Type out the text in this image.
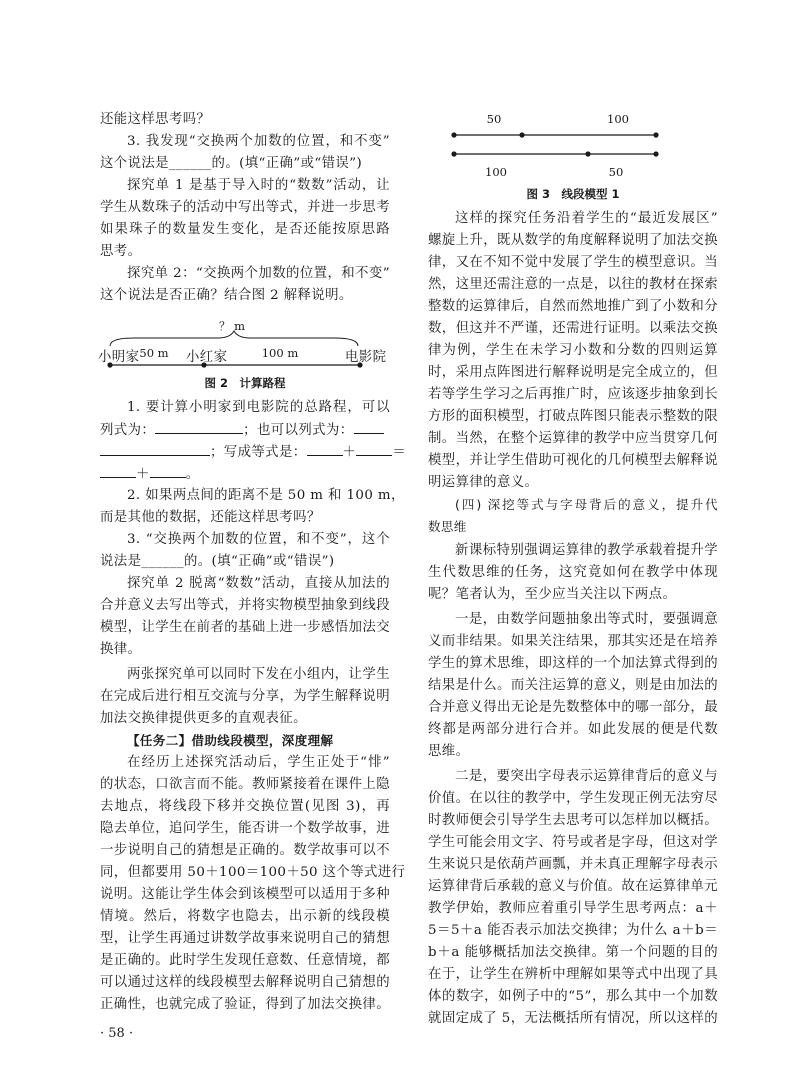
还能这样思考吗？
3. 我发现“交换两个加数的位置，和不变”
这个说法是______的。(填“正确”或“错误”)
探究单 1 是基于导入时的“数数”活动，让
学生从数珠子的活动中写出等式，并进一步思考
如果珠子的数量发生变化，是否还能按原思路
思考。
探究单 2：“交换两个加数的位置，和不变”
这个说法是否正确？结合图 2 解释说明。
？ m
50 m	100 m
小明家	小红家	电影院
图 2　计算路程
1. 要计算小明家到电影院的总路程，可以
列式为：	；也可以列式为：
；写成等式是：	＋	＝
＋	。
2. 如果两点间的距离不是 50 m 和 100 m，
而是其他的数据，还能这样思考吗？
3. “交换两个加数的位置，和不变”，这个
说法是______的。(填“正确”或“错误”)
探究单 2 脱离“数数”活动，直接从加法的
合并意义去写出等式，并将实物模型抽象到线段
模型，让学生在前者的基础上进一步感悟加法交
换律。
两张探究单可以同时下发在小组内，让学生
在完成后进行相互交流与分享，为学生解释说明
加法交换律提供更多的直观表征。
【任务二】借助线段模型，深度理解
在经历上述探究活动后，学生正处于“悱”
的状态，口欲言而不能。教师紧接着在课件上隐
去地点，将线段下移并交换位置(见图 3)，再
隐去单位，追问学生，能否讲一个数学故事，进
一步说明自己的猜想是正确的。数学故事可以不
同，但都要用 50＋100＝100＋50 这个等式进行
说明。这能让学生体会到该模型可以适用于多种
情境。然后，将数字也隐去，出示新的线段模
型，让学生再通过讲数学故事来说明自己的猜想
是正确的。此时学生发现任意数、任意情境，都
可以通过这样的线段模型去解释说明自己猜想的
正确性，也就完成了验证，得到了加法交换律。
· 58 ·
50	100
100	50
图 3　线段模型 1
这样的探究任务沿着学生的“最近发展区”
螺旋上升，既从数学的角度解释说明了加法交换
律，又在不知不觉中发展了学生的模型意识。当
然，这里还需注意的一点是，以往的教材在探索
整数的运算律后，自然而然地推广到了小数和分
数，但这并不严谨，还需进行证明。以乘法交换
律为例，学生在未学习小数和分数的四则运算
时，采用点阵图进行解释说明是完全成立的，但
若等学生学习之后再推广时，应该逐步抽象到长
方形的面积模型，打破点阵图只能表示整数的限
制。当然，在整个运算律的教学中应当贯穿几何
模型，并让学生借助可视化的几何模型去解释说
明运算律的意义。
(四) 深挖等式与字母背后的意义，提升代
数思维
新课标特别强调运算律的教学承载着提升学
生代数思维的任务，这究竟如何在教学中体现
呢？笔者认为，至少应当关注以下两点。
一是，由数学问题抽象出等式时，要强调意
义而非结果。如果关注结果，那其实还是在培养
学生的算术思维，即这样的一个加法算式得到的
结果是什么。而关注运算的意义，则是由加法的
合并意义得出无论是先数整体中的哪一部分，最
终都是两部分进行合并。如此发展的便是代数
思维。
二是，要突出字母表示运算律背后的意义与
价值。在以往的教学中，学生发现正例无法穷尽
时教师便会引导学生去思考可以怎样加以概括。
学生可能会用文字、符号或者是字母，但这对学
生来说只是依葫芦画瓢，并未真正理解字母表示
运算律背后承载的意义与价值。故在运算律单元
教学伊始，教师应着重引导学生思考两点：a＋
5＝5＋a 能否表示加法交换律；为什么 a＋b＝
b＋a 能够概括加法交换律。第一个问题的目的
在于，让学生在辨析中理解如果等式中出现了具
体的数字，如例子中的“5”，那么其中一个加数
就固定成了 5，无法概括所有情况，所以这样的
